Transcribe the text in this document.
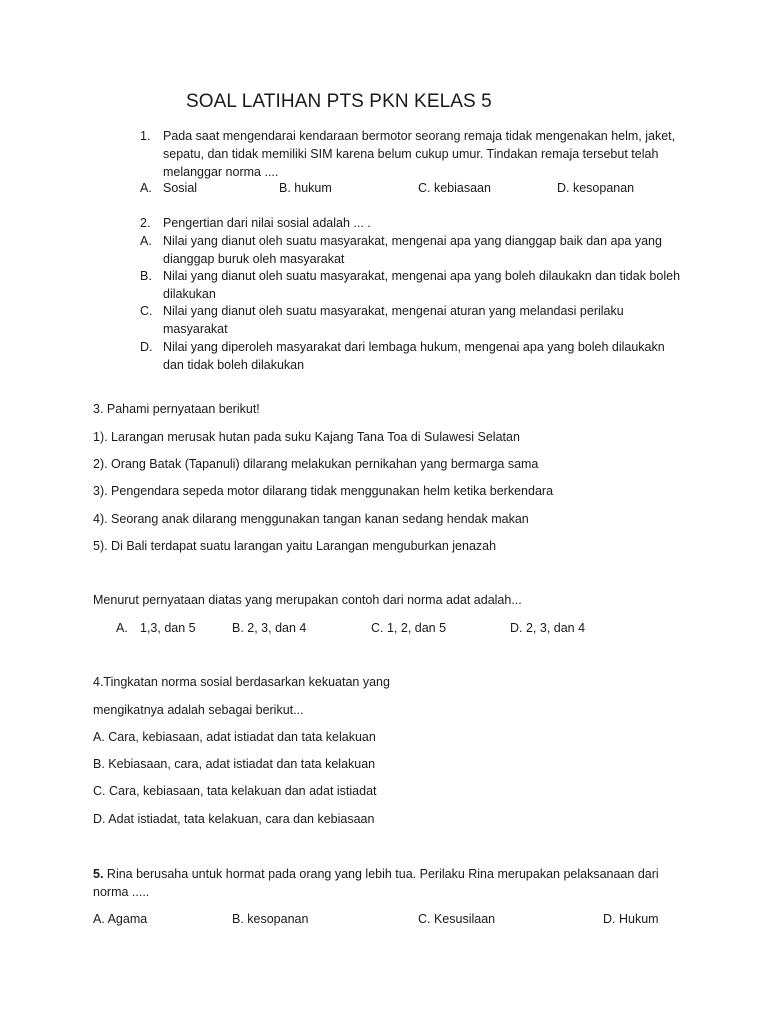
SOAL LATIHAN PTS PKN KELAS 5
1. Pada saat mengendarai kendaraan bermotor seorang remaja tidak mengenakan helm, jaket, sepatu, dan tidak memiliki SIM karena belum cukup umur. Tindakan remaja tersebut telah melanggar norma ....
A. Sosial	B. hukum	C. kebiasaan	D. kesopanan
2. Pengertian dari nilai sosial adalah ... .
A. Nilai yang dianut oleh suatu masyarakat, mengenai apa yang dianggap baik dan apa yang dianggap buruk oleh masyarakat
B. Nilai yang dianut oleh suatu masyarakat, mengenai apa yang boleh dilaukakn dan tidak boleh dilakukan
C. Nilai yang dianut oleh suatu masyarakat, mengenai aturan yang melandasi perilaku masyarakat
D. Nilai yang diperoleh masyarakat dari lembaga hukum, mengenai apa yang boleh dilaukakn dan tidak boleh dilakukan
3. Pahami pernyataan berikut!
1). Larangan merusak hutan pada suku Kajang Tana Toa di Sulawesi Selatan
2). Orang Batak (Tapanuli) dilarang melakukan pernikahan yang bermarga sama
3). Pengendara sepeda motor dilarang tidak menggunakan helm ketika berkendara
4). Seorang anak dilarang menggunakan tangan kanan sedang hendak makan
5). Di Bali terdapat suatu larangan yaitu Larangan menguburkan jenazah
Menurut pernyataan diatas yang merupakan contoh dari norma adat adalah...
A. 1,3, dan 5	B. 2, 3, dan 4	C. 1, 2, dan 5	D. 2, 3, dan 4
4.Tingkatan norma sosial berdasarkan kekuatan yang
mengikatnya adalah sebagai berikut...
A. Cara, kebiasaan, adat istiadat dan tata kelakuan
B. Kebiasaan, cara, adat istiadat dan tata kelakuan
C. Cara, kebiasaan, tata kelakuan dan adat istiadat
D. Adat istiadat, tata kelakuan, cara dan kebiasaan
5. Rina berusaha untuk hormat pada orang yang lebih tua. Perilaku Rina merupakan pelaksanaan dari norma .....
A. Agama	B. kesopanan	C. Kesusilaan	D. Hukum
